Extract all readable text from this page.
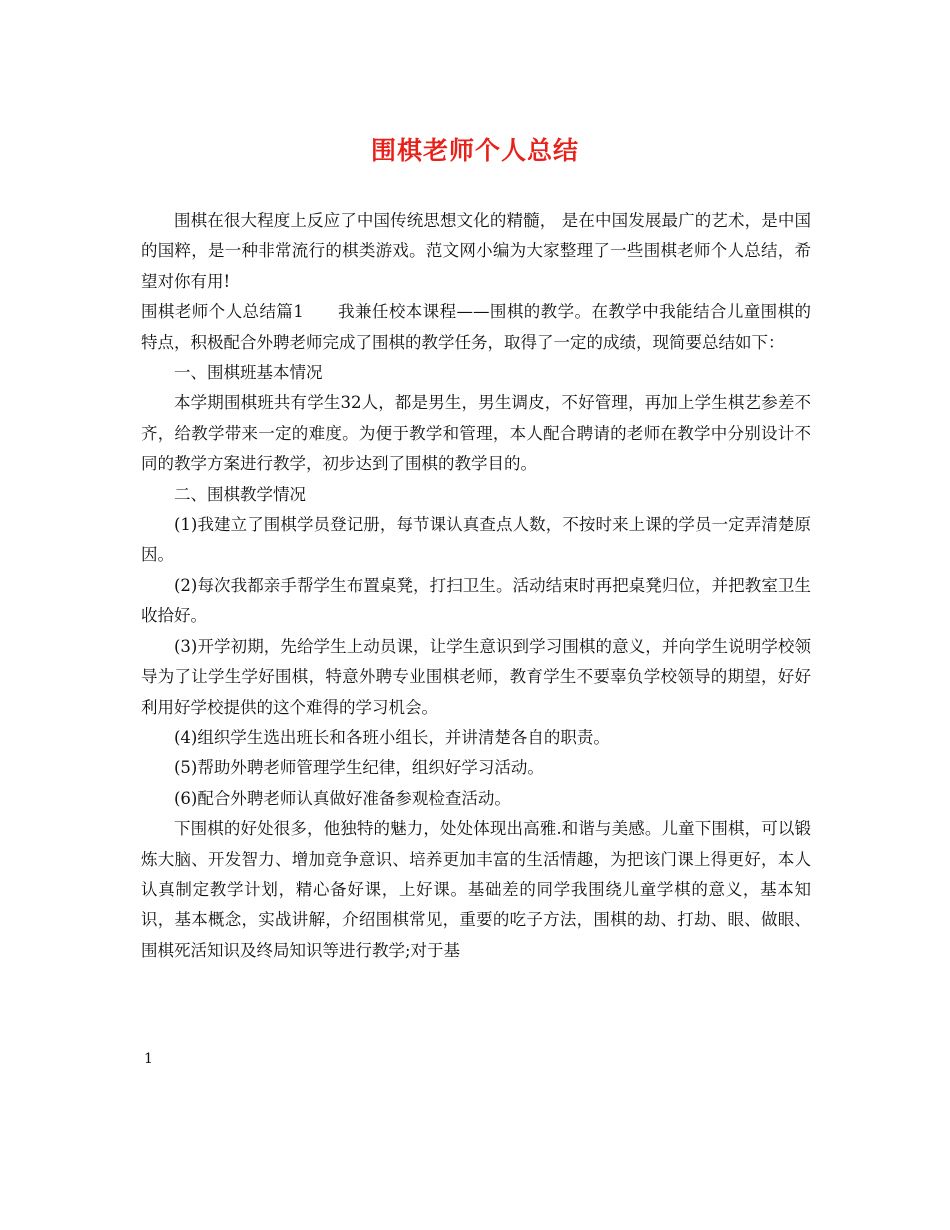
围棋老师个人总结

围棋在很大程度上反应了中国传统思想文化的精髓， 是在中国发展最广的艺术，是中国的国粹，是一种非常流行的棋类游戏。范文网小编为大家整理了一些围棋老师个人总结，希望对你有用!

围棋老师个人总结篇1　　我兼任校本课程——围棋的教学。在教学中我能结合儿童围棋的特点，积极配合外聘老师完成了围棋的教学任务，取得了一定的成绩，现简要总结如下：

一、围棋班基本情况

本学期围棋班共有学生32人，都是男生，男生调皮，不好管理，再加上学生棋艺参差不齐，给教学带来一定的难度。为便于教学和管理，本人配合聘请的老师在教学中分别设计不同的教学方案进行教学，初步达到了围棋的教学目的。

二、围棋教学情况

(1)我建立了围棋学员登记册，每节课认真查点人数，不按时来上课的学员一定弄清楚原因。

(2)每次我都亲手帮学生布置桌凳，打扫卫生。活动结束时再把桌凳归位，并把教室卫生收拾好。

(3)开学初期，先给学生上动员课，让学生意识到学习围棋的意义，并向学生说明学校领导为了让学生学好围棋，特意外聘专业围棋老师，教育学生不要辜负学校领导的期望，好好利用好学校提供的这个难得的学习机会。

(4)组织学生选出班长和各班小组长，并讲清楚各自的职责。

(5)帮助外聘老师管理学生纪律，组织好学习活动。

(6)配合外聘老师认真做好准备参观检查活动。

下围棋的好处很多，他独特的魅力，处处体现出高雅.和谐与美感。儿童下围棋，可以锻炼大脑、开发智力、增加竞争意识、培养更加丰富的生活情趣，为把该门课上得更好，本人认真制定教学计划，精心备好课，上好课。基础差的同学我围绕儿童学棋的意义，基本知识，基本概念，实战讲解，介绍围棋常见，重要的吃子方法，围棋的劫、打劫、眼、做眼、围棋死活知识及终局知识等进行教学;对于基

1
